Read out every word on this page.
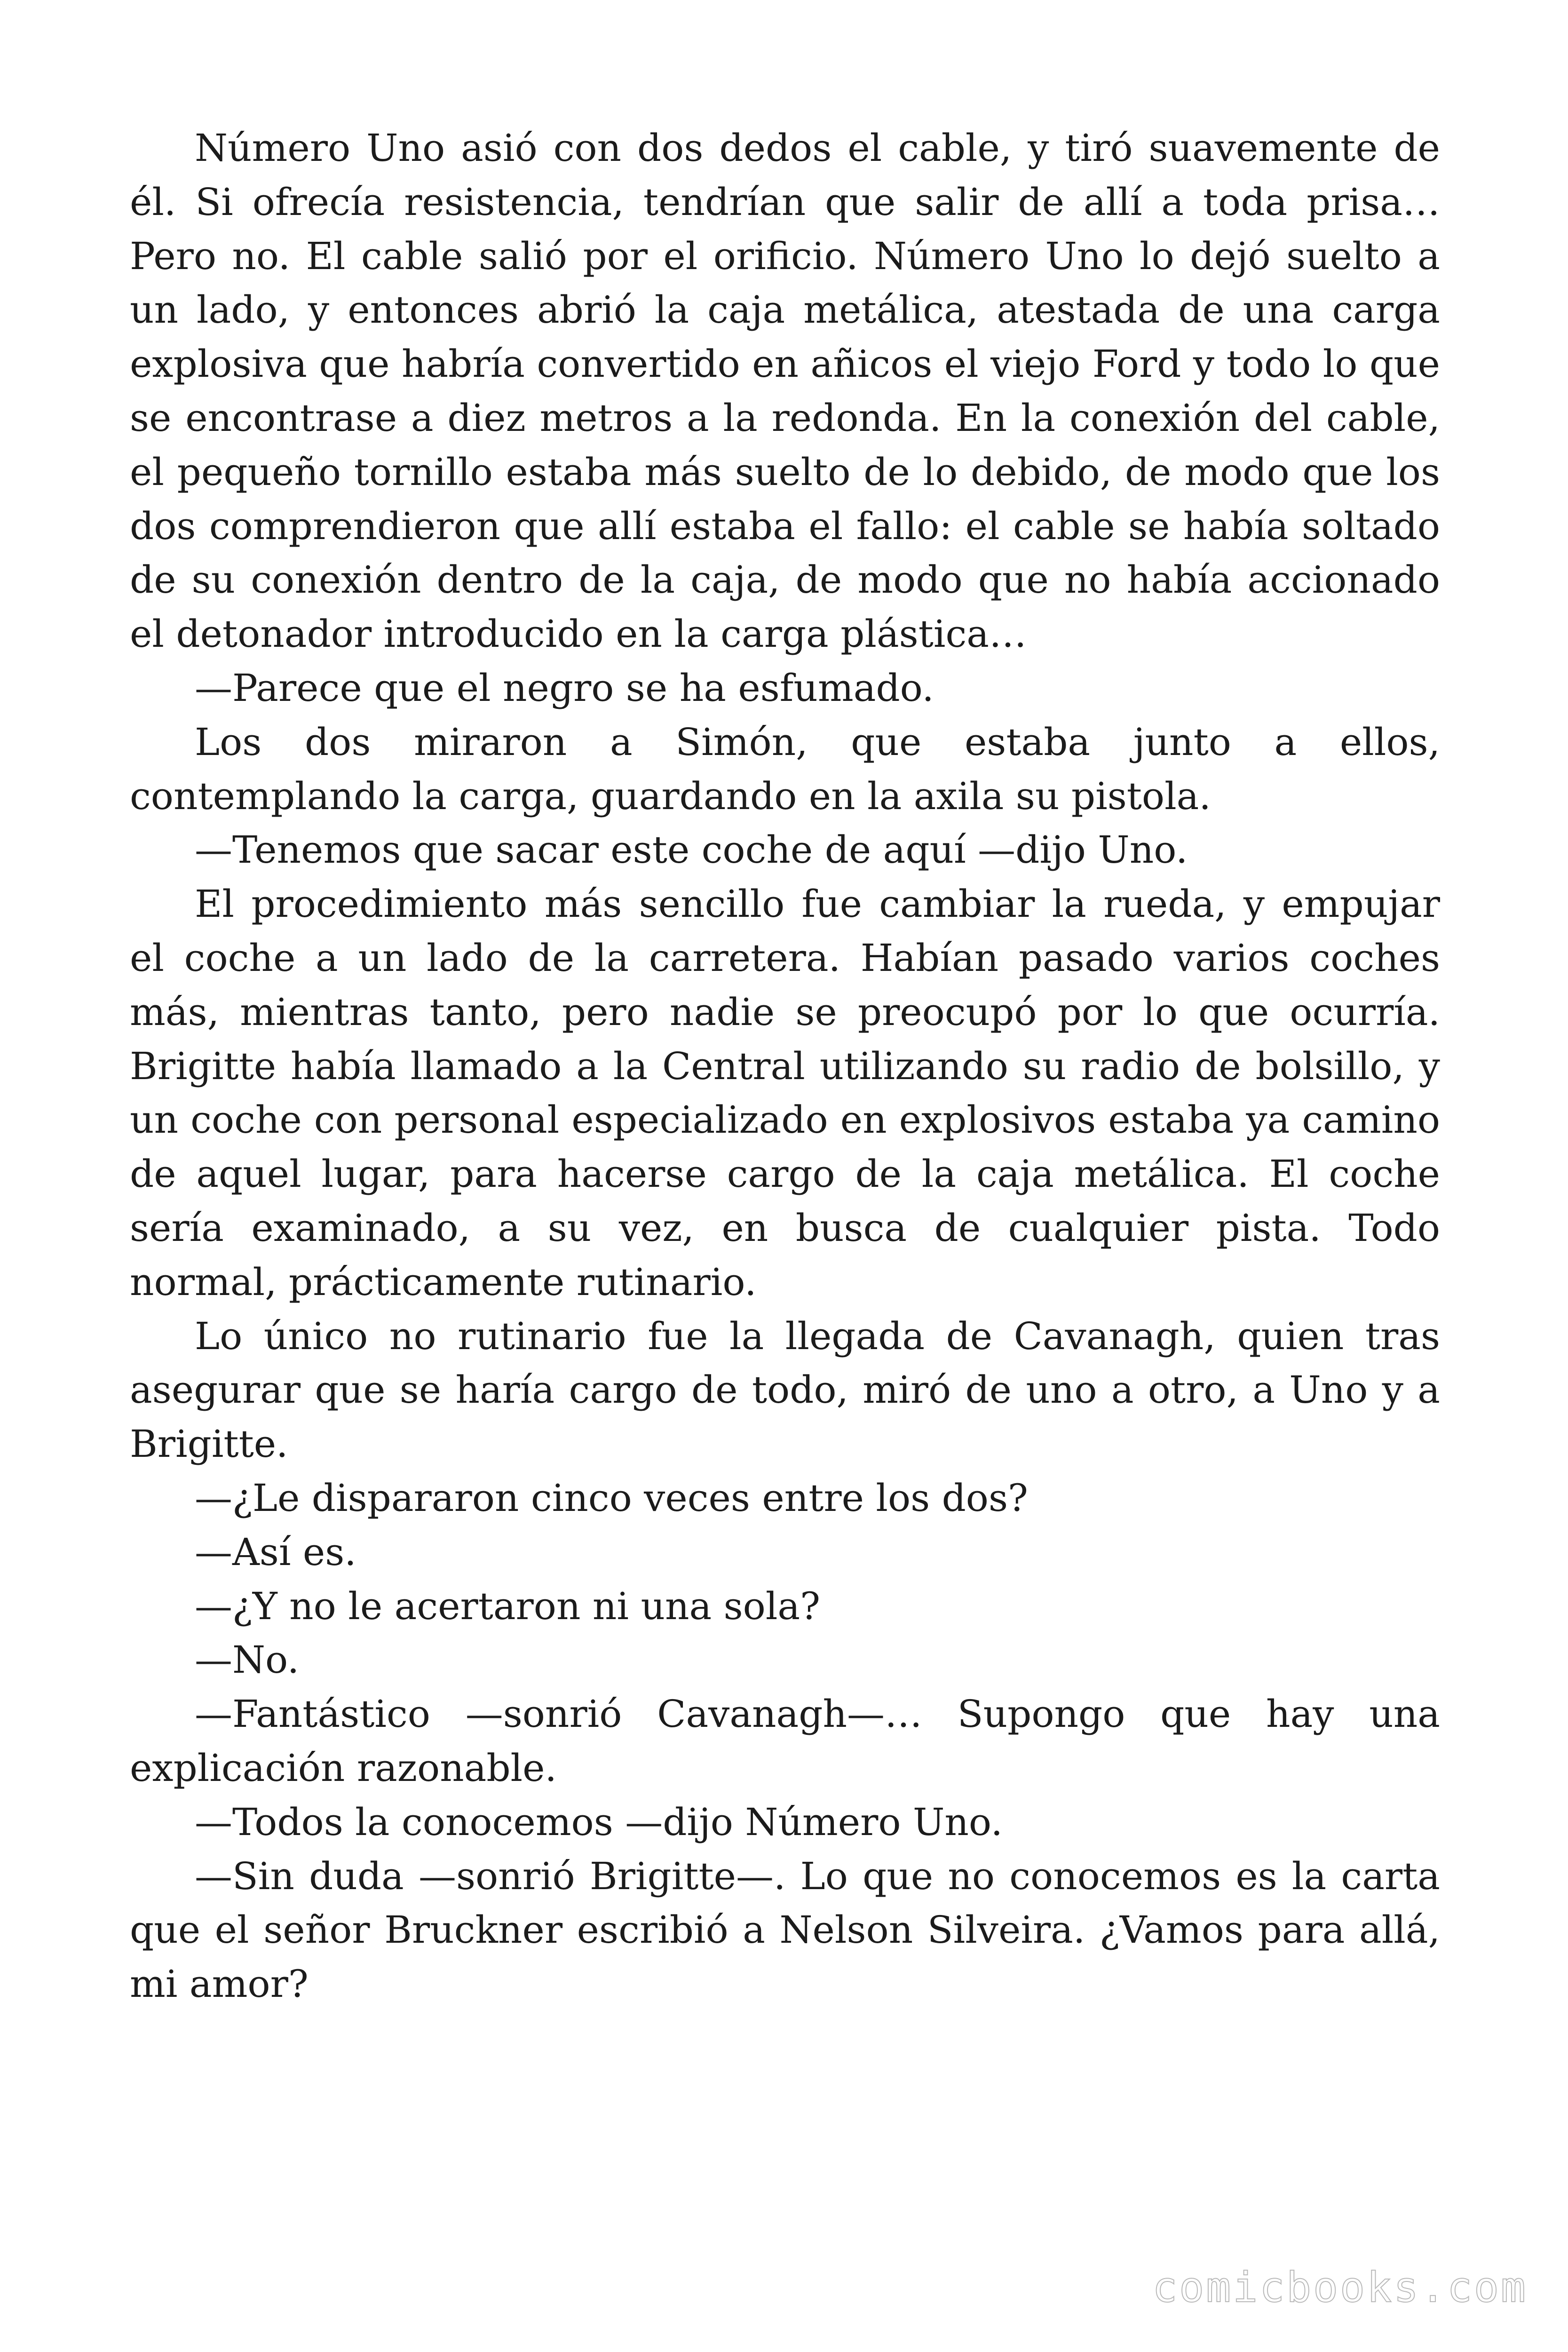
Número Uno asió con dos dedos el cable, y tiró suavemente de él. Si ofrecía resistencia, tendrían que salir de allí a toda prisa… Pero no. El cable salió por el orificio. Número Uno lo dejó suelto a un lado, y entonces abrió la caja metálica, atestada de una carga explosiva que habría convertido en añicos el viejo Ford y todo lo que se encontrase a diez metros a la redonda. En la conexión del cable, el pequeño tornillo estaba más suelto de lo debido, de modo que los dos comprendieron que allí estaba el fallo: el cable se había soltado de su conexión dentro de la caja, de modo que no había accionado el detonador introducido en la carga plástica…

—Parece que el negro se ha esfumado.

Los dos miraron a Simón, que estaba junto a ellos, contemplando la carga, guardando en la axila su pistola.

—Tenemos que sacar este coche de aquí —dijo Uno.

El procedimiento más sencillo fue cambiar la rueda, y empujar el coche a un lado de la carretera. Habían pasado varios coches más, mientras tanto, pero nadie se preocupó por lo que ocurría. Brigitte había llamado a la Central utilizando su radio de bolsillo, y un coche con personal especializado en explosivos estaba ya camino de aquel lugar, para hacerse cargo de la caja metálica. El coche sería examinado, a su vez, en busca de cualquier pista. Todo normal, prácticamente rutinario.

Lo único no rutinario fue la llegada de Cavanagh, quien tras asegurar que se haría cargo de todo, miró de uno a otro, a Uno y a Brigitte.

—¿Le dispararon cinco veces entre los dos?

—Así es.

—¿Y no le acertaron ni una sola?

—No.

—Fantástico —sonrió Cavanagh—… Supongo que hay una explicación razonable.

—Todos la conocemos —dijo Número Uno.

—Sin duda —sonrió Brigitte—. Lo que no conocemos es la carta que el señor Bruckner escribió a Nelson Silveira. ¿Vamos para allá, mi amor?

comicbooks.com
